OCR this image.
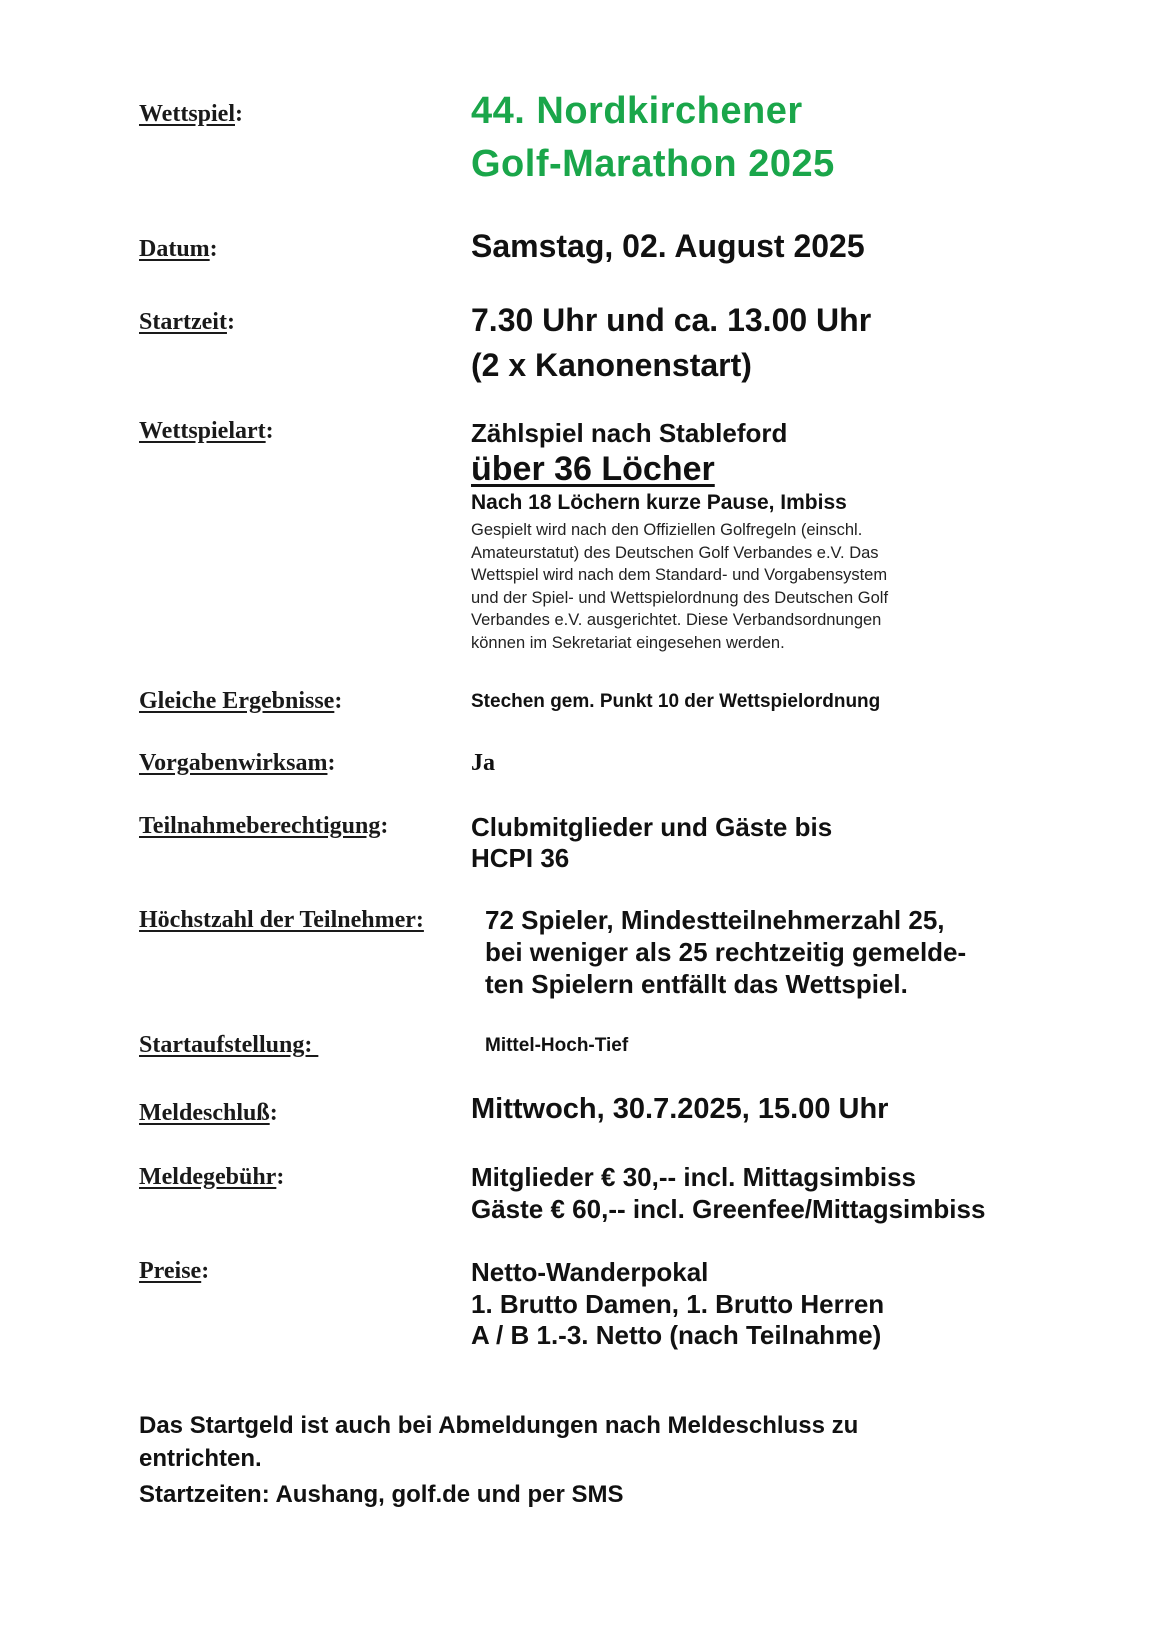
Wettspiel:	44. Nordkirchener
Golf-Marathon 2025
Datum:	Samstag, 02. August 2025
Startzeit:	7.30 Uhr und ca. 13.00 Uhr
(2 x Kanonenstart)
Wettspielart:	Zählspiel nach Stableford
über 36 Löcher
Nach 18 Löchern kurze Pause, Imbiss
Gespielt wird nach den Offiziellen Golfregeln (einschl.
Amateurstatut) des Deutschen Golf Verbandes e.V. Das
Wettspiel wird nach dem Standard- und Vorgabensystem
und der Spiel- und Wettspielordnung des Deutschen Golf
Verbandes e.V. ausgerichtet. Diese Verbandsordnungen
können im Sekretariat eingesehen werden.
Gleiche Ergebnisse:	Stechen gem. Punkt 10 der Wettspielordnung
Vorgabenwirksam:	Ja
Teilnahmeberechtigung:	Clubmitglieder und Gäste bis
HCPI 36
Höchstzahl der Teilnehmer: 72 Spieler, Mindestteilnehmerzahl 25,
bei weniger als 25 rechtzeitig gemelde-
ten Spielern entfällt das Wettspiel.
Startaufstellung:	Mittel-Hoch-Tief
Meldeschluß:	Mittwoch, 30.7.2025, 15.00 Uhr
Meldegebühr:	Mitglieder € 30,-- incl. Mittagsimbiss
Gäste € 60,-- incl. Greenfee/Mittagsimbiss
Preise:	Netto-Wanderpokal
1. Brutto Damen, 1. Brutto Herren
A / B 1.-3. Netto (nach Teilnahme)
Das Startgeld ist auch bei Abmeldungen nach Meldeschluss zu
entrichten.
Startzeiten: Aushang, golf.de und per SMS
